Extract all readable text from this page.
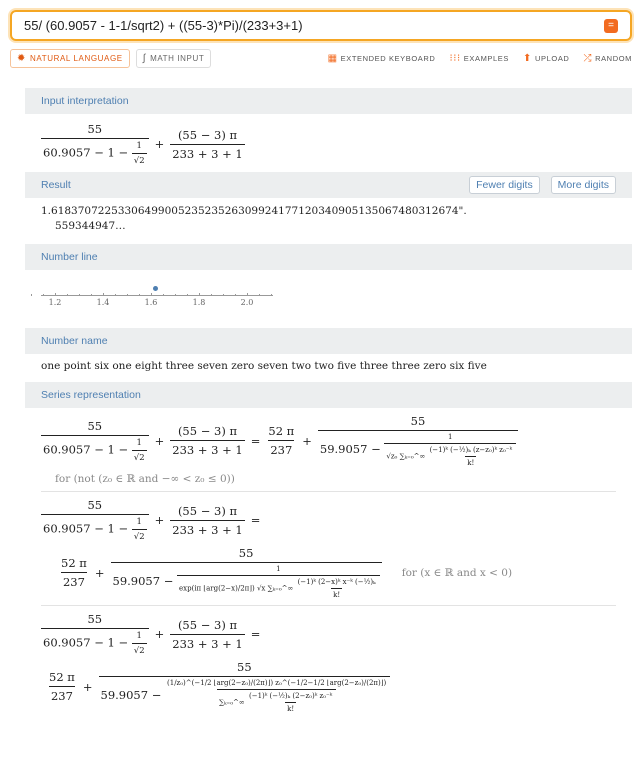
55/ (60.9057 - 1-1/sqrt2) + ((55-3)*Pi)/(233+3+1)	=
✹ NATURAL LANGUAGE ∫ MATH INPUT	▦ EXTENDED KEYBOARD ⁝⁝⁝ EXAMPLES ⬆ UPLOAD ⤮ RANDOM
Input interpretation
$\frac{55}{60.9057 - 1 - \frac{1}{√2}} + \frac{(55 - 3) \pi}{233 + 3 + 1}$
Result	Fewer digits More digits
1.6183707225330649900523523526309924177120340905135067480312674".
559344947…
Number line
1.2	1.4	1.6	1.8	2.0
Number name
one point six one eight three seven zero seven two two five three three zero six five
Series representation
$\frac{55}{60.9057 - 1 - \frac{1}{√2}} + \frac{(55 - 3) \pi}{233 + 3 + 1} = \frac{52 \pi}{237}$ +
55
$59.9057 - \frac{1}{√z_0 \sum_{k=0}\^{}\infty \frac{\text{(−1)ᵏ (−½)ₖ (z−z₀)ᵏ z₀⁻ᵏ}}{k!}}$
for (not (z₀ ∈ ℝ and −∞ < z₀ ≤ 0))
$\frac{55}{60.9057 - 1 - \frac{1}{√2}} + \frac{(55 - 3) \pi}{233 + 3 + 1}$ =
$\frac{52 \pi}{237}$ +
55
59.9057 −
1
exp(iπ ⌊arg(2−x)/2π⌋) √x ∑ₖ₌₀^∞ $\frac{\text{(−1)ᵏ (2−x)ᵏ x⁻ᵏ (−½)ₖ}}{k!}$
for (x ∈ ℝ and x < 0)
$\frac{55}{60.9057 - 1 - \frac{1}{√2}} + \frac{(55 - 3) \pi}{233 + 3 + 1}$ =
$\frac{52 \pi}{237}$ +
55
59.9057 −
(1/z₀)^(−1/2 ⌊arg(2−z₀)/(2π)⌋) z₀^(−1/2−1/2 ⌊arg(2−z₀)/(2π)⌋)
∑ₖ₌₀^∞ $\frac{\text{(−1)ᵏ (−½)ₖ (2−z₀)ᵏ z₀⁻ᵏ}}{k!}$
